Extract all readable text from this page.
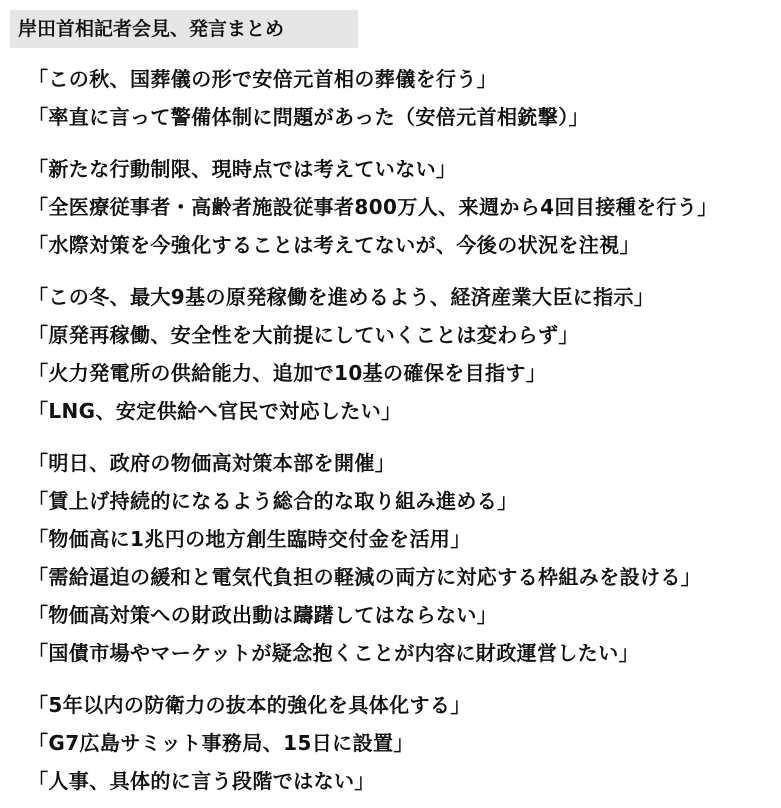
岸田首相記者会見、発言まとめ
「この秋、国葬儀の形で安倍元首相の葬儀を行う」
「率直に言って警備体制に問題があった（安倍元首相銃撃）」
「新たな行動制限、現時点では考えていない」
「全医療従事者・高齢者施設従事者800万人、来週から4回目接種を行う」
「水際対策を今強化することは考えてないが、今後の状況を注視」
「この冬、最大9基の原発稼働を進めるよう、経済産業大臣に指示」
「原発再稼働、安全性を大前提にしていくことは変わらず」
「火力発電所の供給能力、追加で10基の確保を目指す」
「LNG、安定供給へ官民で対応したい」
「明日、政府の物価高対策本部を開催」
「賃上げ持続的になるよう総合的な取り組み進める」
「物価高に1兆円の地方創生臨時交付金を活用」
「需給逼迫の緩和と電気代負担の軽減の両方に対応する枠組みを設ける」
「物価高対策への財政出動は躊躇してはならない」
「国債市場やマーケットが疑念抱くことが内容に財政運営したい」
「5年以内の防衛力の抜本的強化を具体化する」
「G7広島サミット事務局、15日に設置」
「人事、具体的に言う段階ではない」
